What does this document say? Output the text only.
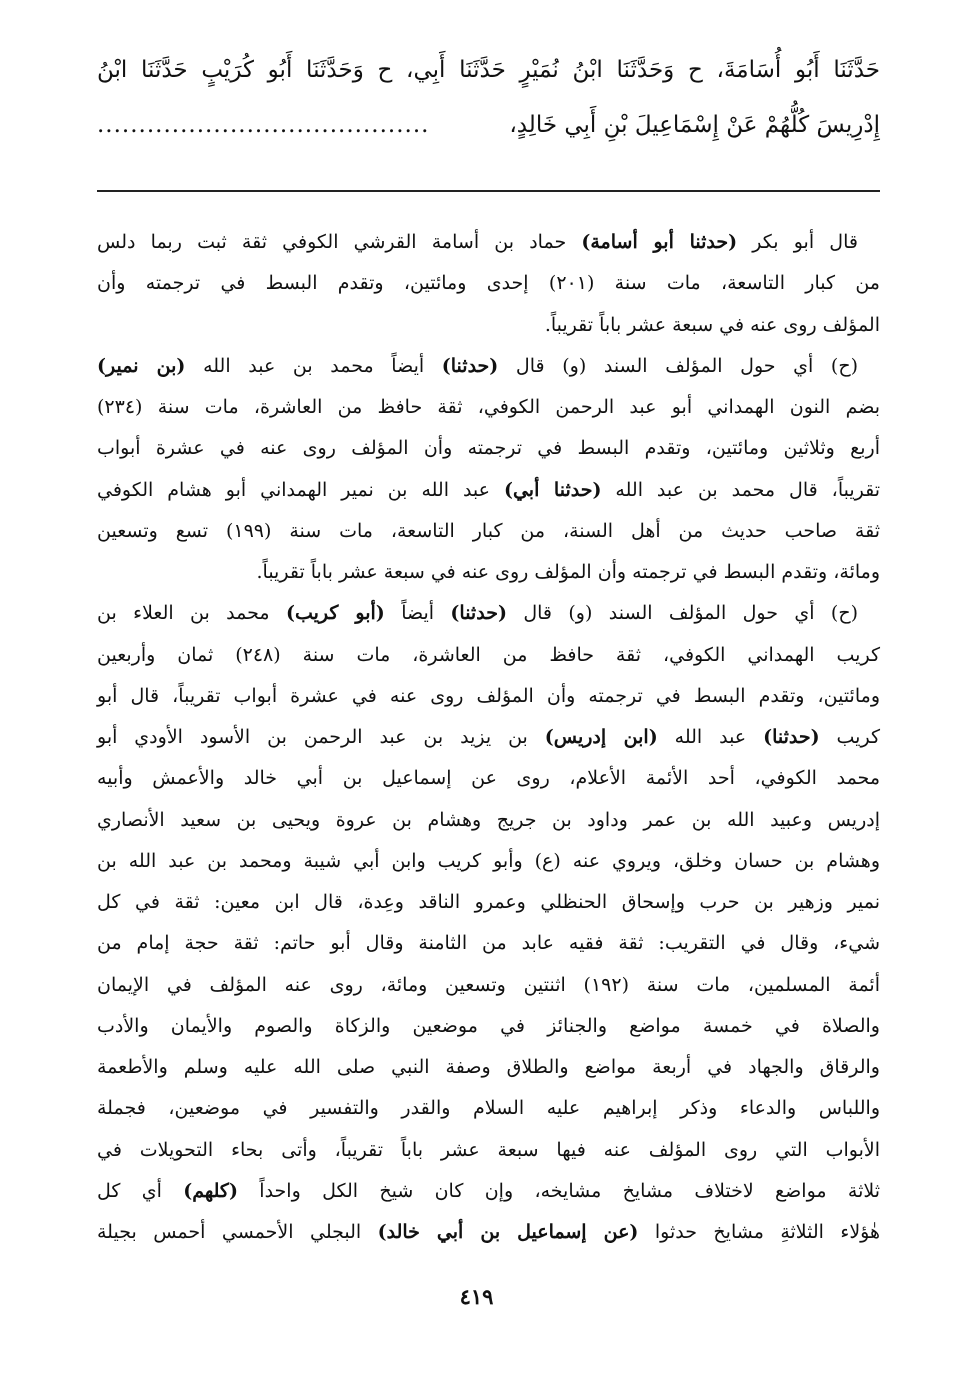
حَدَّثَنَا أَبُو أُسَامَةَ، ح وَحَدَّثَنَا ابْنُ نُمَيْرٍ حَدَّثَنَا أَبِي، ح وَحَدَّثَنَا أَبُو كُرَيْبٍ حَدَّثَنَا ابْنُ
إِدْرِيسَ كُلُّهُمْ عَنْ إِسْمَاعِيلَ بْنِ أَبِي خَالِدٍ،
........................................
قال أبو بكر (حدثنا أبو أسامة) حماد بن أسامة القرشي الكوفي ثقة ثبت ربما دلس
من كبار التاسعة، مات سنة (٢٠١) إحدى ومائتين، وتقدم البسط في ترجمته وأن
المؤلف روى عنه في سبعة عشر باباً تقريباً.
(ح) أي حول المؤلف السند (و) قال (حدثنا) أيضاً محمد بن عبد الله (بن نمير)
بضم النون الهمداني أبو عبد الرحمن الكوفي، ثقة حافظ من العاشرة، مات سنة (٢٣٤)
أربع وثلاثين ومائتين، وتقدم البسط في ترجمته وأن المؤلف روى عنه في عشرة أبواب
تقريباً، قال محمد بن عبد الله (حدثنا أبي) عبد الله بن نمير الهمداني أبو هشام الكوفي
ثقة صاحب حديث من أهل السنة، من كبار التاسعة، مات سنة (١٩٩) تسع وتسعين
ومائة، وتقدم البسط في ترجمته وأن المؤلف روى عنه في سبعة عشر باباً تقريباً.
(ح) أي حول المؤلف السند (و) قال (حدثنا) أيضاً (أبو كريب) محمد بن العلاء بن
كريب الهمداني الكوفي، ثقة حافظ من العاشرة، مات سنة (٢٤٨) ثمان وأربعين
ومائتين، وتقدم البسط في ترجمته وأن المؤلف روى عنه في عشرة أبواب تقريباً، قال أبو
كريب (حدثنا) عبد الله (ابن إدريس) بن يزيد بن عبد الرحمن بن الأسود الأودي أبو
محمد الكوفي، أحد الأئمة الأعلام، روى عن إسماعيل بن أبي خالد والأعمش وأبيه
إدريس وعبيد الله بن عمر وداود بن جريج وهشام بن عروة ويحيى بن سعيد الأنصاري
وهشام بن حسان وخلق، ويروي عنه (ع) وأبو كريب وابن أبي شيبة ومحمد بن عبد الله بن
نمير وزهير بن حرب وإسحاق الحنظلي وعمرو الناقد وعِدة، قال ابن معين: ثقة في كل
شيء، وقال في التقريب: ثقة فقيه عابد من الثامنة وقال أبو حاتم: ثقة حجة إمام من
أئمة المسلمين، مات سنة (١٩٢) اثنتين وتسعين ومائة، روى عنه المؤلف في الإيمان
والصلاة في خمسة مواضع والجنائز في موضعين والزكاة والصوم والأيمان والأدب
والرقاق والجهاد في أربعة مواضع والطلاق وصفة النبي صلى الله عليه وسلم والأطعمة
واللباس والدعاء وذكر إبراهيم عليه السلام والقدر والتفسير في موضعين، فجملة
الأبواب التي روى المؤلف عنه فيها سبعة عشر باباً تقريباً، وأتى بحاء التحويلات في
ثلاثة مواضع لاختلاف مشايخ مشايخه، وإن كان شيخ الكل واحداً (كلهم) أي كل
هٰؤلاء الثلاثةِ مشايخ حدثوا (عن إسماعيل بن أبي خالد) البجلي الأحمسي أحمس بجيلة
٤١٩
